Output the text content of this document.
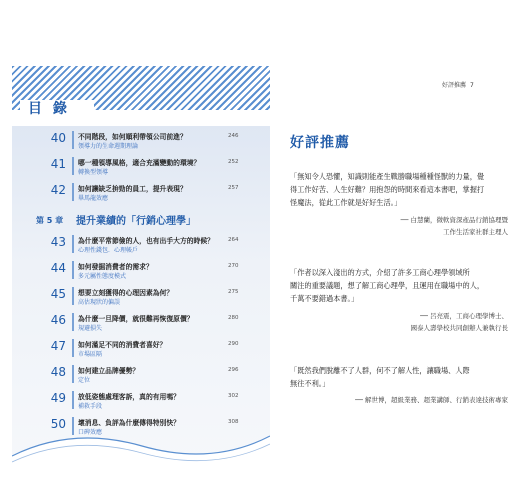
目 錄
40 不同階段，如何順利帶領公司前進？
領導力的生命週期理論
246
41 哪一種領導風格，適合充滿變動的環境？
轉換型領導
252
42 如何讓缺乏拚勁的員工，提升表現？
畢馬龍效應
257
第 5 章 提升業績的「行銷心理學」
43 為什麼平常節儉的人，也有出手大方的時候？
心理性錢包．心理帳戶
264
44 如何發掘消費者的需求？
多元屬性態度模式
270
45 想要立刻獲得的心理因素為何？
高估現狀的偏誤
275
46 為什麼一旦降價，就很難再恢復原價？
規避損失
280
47 如何滿足不同的消費者喜好？
市場區隔
290
48 如何建立品牌優勢？
定位
296
49 放低姿態處理客訴，真的有用嗎？
補救手段
302
50 壞消息、負評為什麼傳得特別快？
口碑效應
308
好評推薦 7
好評推薦
「無知令人恐懼，知識則能產生戰勝職場種種怪獸的力量，覺
得工作好苦、人生好難？用抱怨的時間來看這本書吧，掌握打
怪魔法，從此工作就是好好生活。」
── 白慧蘭，微軟資深產品行銷協理暨
工作生活家社群主理人
「作者以深入淺出的方式，介紹了許多工商心理學領域所
關注的重要議題，想了解工商心理學，且運用在職場中的人，
千萬不要錯過本書。」
── 呂亮震，工商心理學博士、
國泰人壽學校共同創辦人兼執行長
「既然我們脫離不了人群，何不了解人性，讓職場、人際
無往不利。」
── 解世博，超級業務、超業講師、行銷表達技術專家
